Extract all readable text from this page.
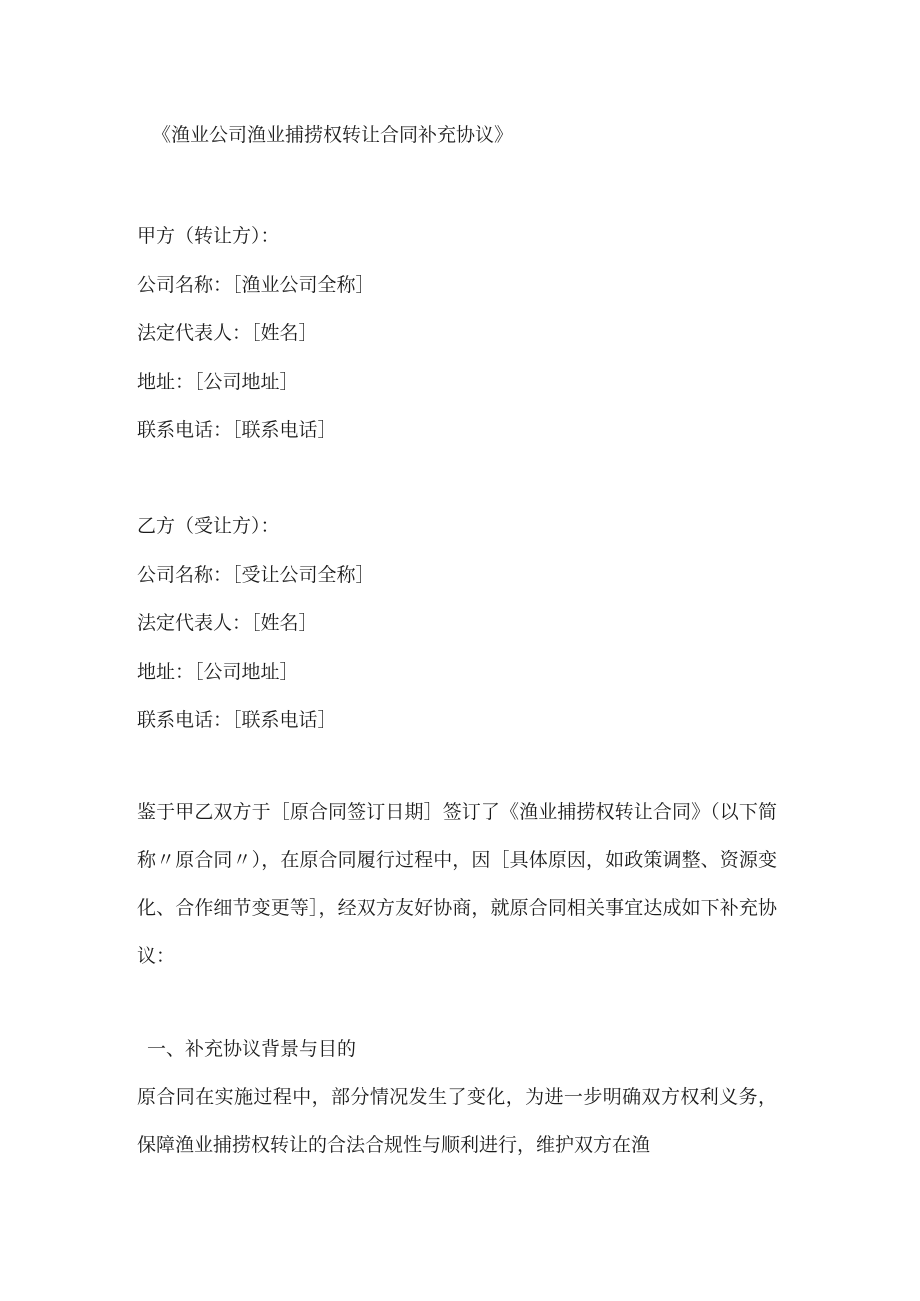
《渔业公司渔业捕捞权转让合同补充协议》
甲方（转让方）：
公司名称：［渔业公司全称］
法定代表人：［姓名］
地址：［公司地址］
联系电话：［联系电话］
乙方（受让方）：
公司名称：［受让公司全称］
法定代表人：［姓名］
地址：［公司地址］
联系电话：［联系电话］
鉴于甲乙双方于［原合同签订日期］签订了《渔业捕捞权转让合同》（以下简称〃原合同〃），在原合同履行过程中，因［具体原因，如政策调整、资源变化、合作细节变更等］，经双方友好协商，就原合同相关事宜达成如下补充协议：
一、补充协议背景与目的
原合同在实施过程中，部分情况发生了变化，为进一步明确双方权利义务，保障渔业捕捞权转让的合法合规性与顺利进行，维护双方在渔
